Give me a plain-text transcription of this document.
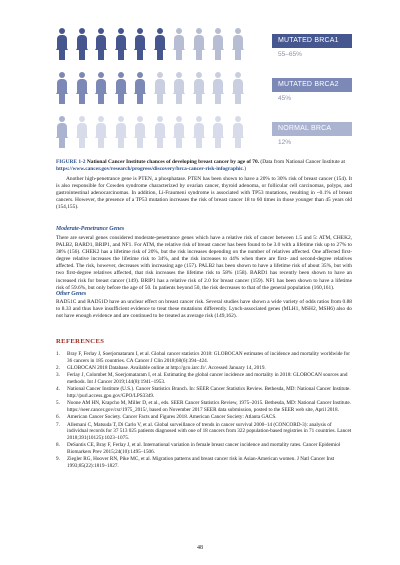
MUTATED BRCA1
55–65%
MUTATED BRCA2
45%
NORMAL BRCA
12%
FIGURE 1-2 National Cancer Institute chances of developing breast cancer by age of 70. (Data from National Cancer Institute at https://www.cancer.gov/research/progress/discovery/brca-cancer-risk-infographic.)

Another high-penetrance gene is PTEN, a phosphatase. PTEN has been shown to have a 20% to 30% risk of breast cancer (154). It is also responsible for Cowden syndrome characterized by ovarian cancer, thyroid adenoma, or follicular cell carcinomas, polyps, and gastrointestinal adenocarcinomas. In addition, Li-Fraumeni syndrome is associated with TP53 mutations, resulting in ~0.1% of breast cancers. However, the presence of a TP53 mutation increases the risk of breast cancer 18 to 60 times in those younger than 45 years old (154,155).

Moderate-Penetrance Genes

There are several genes considered moderate-penetrance genes which have a relative risk of cancer between 1.5 and 5: ATM, CHEK2, PALB2, BARD1, BRIP1, and NF1. For ATM, the relative risk of breast cancer has been found to be 3.0 with a lifetime risk up to 27% to 38% (156). CHEK2 has a lifetime risk of 20%, but the risk increases depending on the number of relatives affected. One affected first-degree relative increases the lifetime risk to 34%, and the risk increases to 44% when there are first- and second-degree relatives affected. The risk, however, decreases with increasing age (157). PALB2 has been shown to have a lifetime risk of about 35%, but with two first-degree relatives affected, that risk increases the lifetime risk to 58% (158). BARD1 has recently been shown to have an increased risk for breast cancer (149). BRIP1 has a relative risk of 2.0 for breast cancer (159). NF1 has been shown to have a lifetime risk of 59.6%, but only before the age of 50. In patients beyond 50, the risk decreases to that of the general population (160,161).

Other Genes

RAD51C and RAD51D have an unclear effect on breast cancer risk. Several studies have shown a wide variety of odds ratios from 0.88 to 8.33 and thus have insufficient evidence to treat these mutations differently. Lynch-associated genes (MLH1, MSH2, MSH6) also do not have enough evidence and are continued to be treated as average risk (149,162).

REFERENCES
1. Bray F, Ferlay J, Soerjomataram I, et al. Global cancer statistics 2018: GLOBOCAN estimates of incidence and mortality worldwide for 36 cancers in 185 countries. CA Cancer J Clin 2018;68(6):394–424.
2. GLOBOCAN 2018 Database. Available online at http://gco.iarc.fr/. Accessed January 14, 2019.
3. Ferlay J, Colombet M, Soerjomataram I, et al. Estimating the global cancer incidence and mortality in 2018: GLOBOCAN sources and methods. Int J Cancer 2019;144(8):1941–1953.
4. National Cancer Institute (U.S.). Cancer Statistics Branch. In: SEER Cancer Statistics Review. Bethesda, MD: National Cancer Institute. http://purl.access.gpo.gov/GPO/LPS3349.
5. Noone AM HN, Krapcho M, Miller D, et al., eds. SEER Cancer Statistics Review, 1975–2015. Bethesda, MD: National Cancer Institute. https://seer.cancer.gov/csr/1975_2015/, based on November 2017 SEER data submission, posted to the SEER web site, April 2018.
6. American Cancer Society. Cancer Facts and Figures 2018. American Cancer Society: Atlanta GACS.
7. Allemani C, Matsuda T, Di Carlo V, et al. Global surveillance of trends in cancer survival 2000–14 (CONCORD-3): analysis of individual records for 37 513 025 patients diagnosed with one of 18 cancers from 322 population-based registries in 71 countries. Lancet 2018;391(10125):1023–1075.
8. DeSantis CE, Bray F, Ferlay J, et al. International variation in female breast cancer incidence and mortality rates. Cancer Epidemiol Biomarkers Prev 2015;24(10):1495–1506.
9. Ziegler RG, Hoover RN, Pike MC, et al. Migration patterns and breast cancer risk in Asian-American women. J Natl Cancer Inst 1993;85(22):1819–1827.
48
